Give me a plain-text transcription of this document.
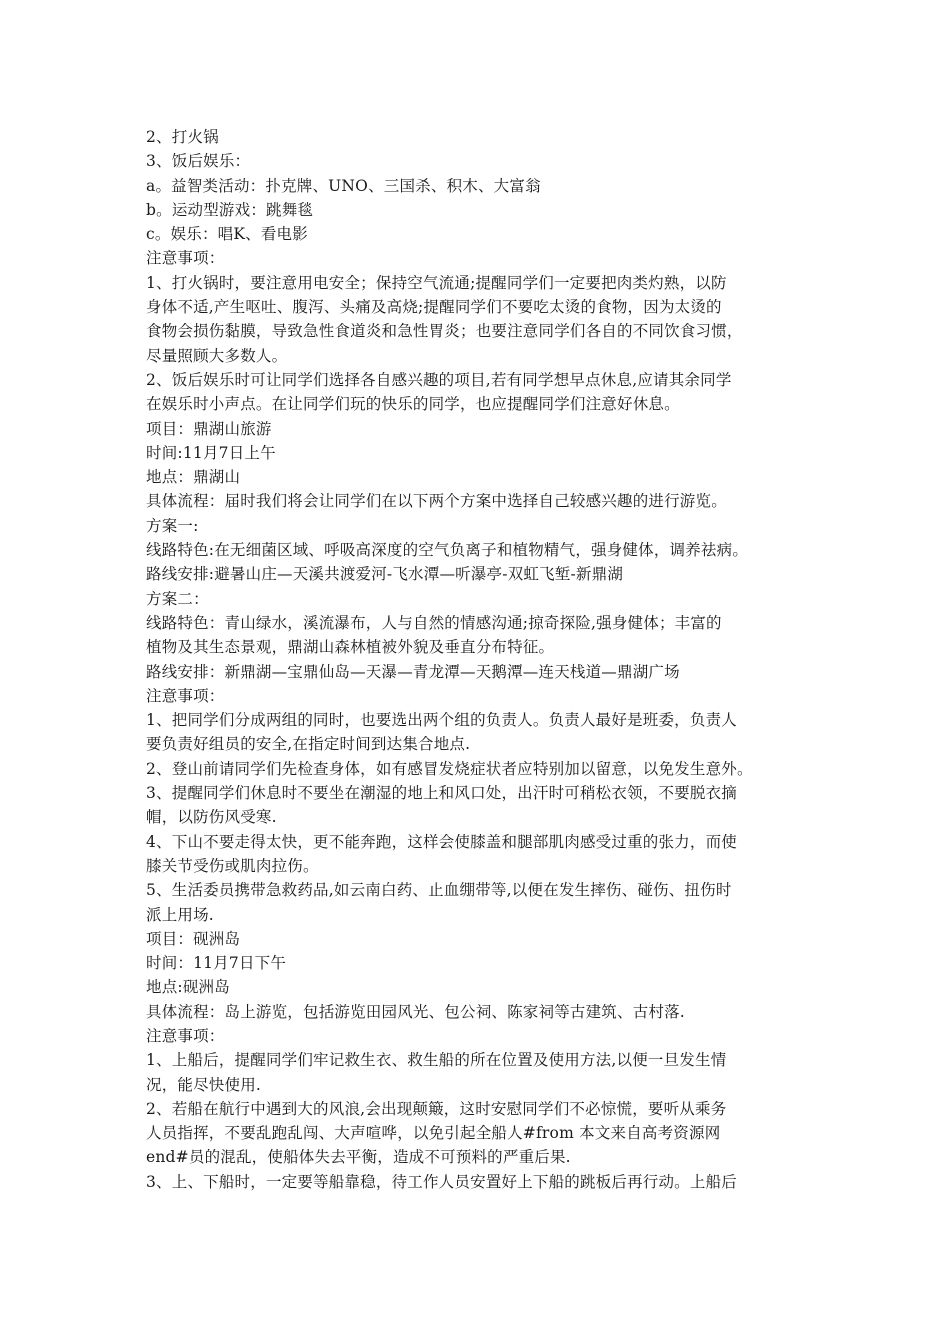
2、打火锅
3、饭后娱乐：
a。益智类活动：扑克牌、UNO、三国杀、积木、大富翁
b。运动型游戏：跳舞毯
c。娱乐：唱K、看电影
注意事项：
1、打火锅时，要注意用电安全；保持空气流通;提醒同学们一定要把肉类灼熟，以防
身体不适,产生呕吐、腹泻、头痛及高烧;提醒同学们不要吃太烫的食物，因为太烫的
食物会损伤黏膜，导致急性食道炎和急性胃炎；也要注意同学们各自的不同饮食习惯，
尽量照顾大多数人。
2、饭后娱乐时可让同学们选择各自感兴趣的项目,若有同学想早点休息,应请其余同学
在娱乐时小声点。在让同学们玩的快乐的同学，也应提醒同学们注意好休息。
项目：鼎湖山旅游
时间:11月7日上午
地点：鼎湖山
具体流程：届时我们将会让同学们在以下两个方案中选择自己较感兴趣的进行游览。
方案一:
线路特色:在无细菌区域、呼吸高深度的空气负离子和植物精气，强身健体，调养祛病。
路线安排:避暑山庄—天溪共渡爱河-飞水潭—听瀑亭-双虹飞堑-新鼎湖
方案二：
线路特色：青山绿水，溪流瀑布，人与自然的情感沟通;掠奇探险,强身健体；丰富的
植物及其生态景观，鼎湖山森林植被外貌及垂直分布特征。
路线安排：新鼎湖—宝鼎仙岛—天瀑—青龙潭—天鹅潭—连天栈道—鼎湖广场
注意事项：
1、把同学们分成两组的同时，也要选出两个组的负责人。负责人最好是班委，负责人
要负责好组员的安全,在指定时间到达集合地点.
2、登山前请同学们先检查身体，如有感冒发烧症状者应特别加以留意，以免发生意外。
3、提醒同学们休息时不要坐在潮湿的地上和风口处，出汗时可稍松衣领，不要脱衣摘
帽，以防伤风受寒.
4、下山不要走得太快，更不能奔跑，这样会使膝盖和腿部肌肉感受过重的张力，而使
膝关节受伤或肌肉拉伤。
5、生活委员携带急救药品,如云南白药、止血绷带等,以便在发生摔伤、碰伤、扭伤时
派上用场.
项目：砚洲岛
时间：11月7日下午
地点:砚洲岛
具体流程：岛上游览，包括游览田园风光、包公祠、陈家祠等古建筑、古村落.
注意事项：
1、上船后，提醒同学们牢记救生衣、救生船的所在位置及使用方法,以便一旦发生情
况，能尽快使用.
2、若船在航行中遇到大的风浪,会出现颠簸，这时安慰同学们不必惊慌，要听从乘务
人员指挥，不要乱跑乱闯、大声喧哗，以免引起全船人#from 本文来自高考资源网
end#员的混乱，使船体失去平衡，造成不可预料的严重后果.
3、上、下船时，一定要等船靠稳，待工作人员安置好上下船的跳板后再行动。上船后
